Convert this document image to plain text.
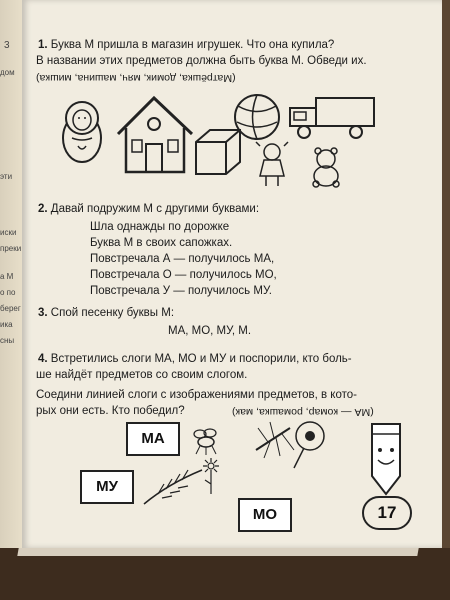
3
дом
эти
иски
преки
а М
о по
берег
ика
сны
1. Буква М пришла в магазин игрушек. Что она купила?
В названии этих предметов должна быть буква М. Обведи их.
(Матрёшка, домик, мяч, машина, мишка)
2. Давай подружим М с другими буквами:
Шла однажды по дорожке
Буква М в своих сапожках.
Повстречала А — получилось МА,
Повстречала О — получилось МО,
Повстречала У — получилось МУ.
3. Спой песенку буквы М:
МА, МО, МУ, М.
4. Встретились слоги МА, МО и МУ и поспорили, кто боль-
ше найдёт предметов со своим слогом.
Соедини линией слоги с изображениями предметов, в кото-
рых они есть. Кто победил?	(МА — комар, ромашка, мак)
МА
МУ
МО	17
